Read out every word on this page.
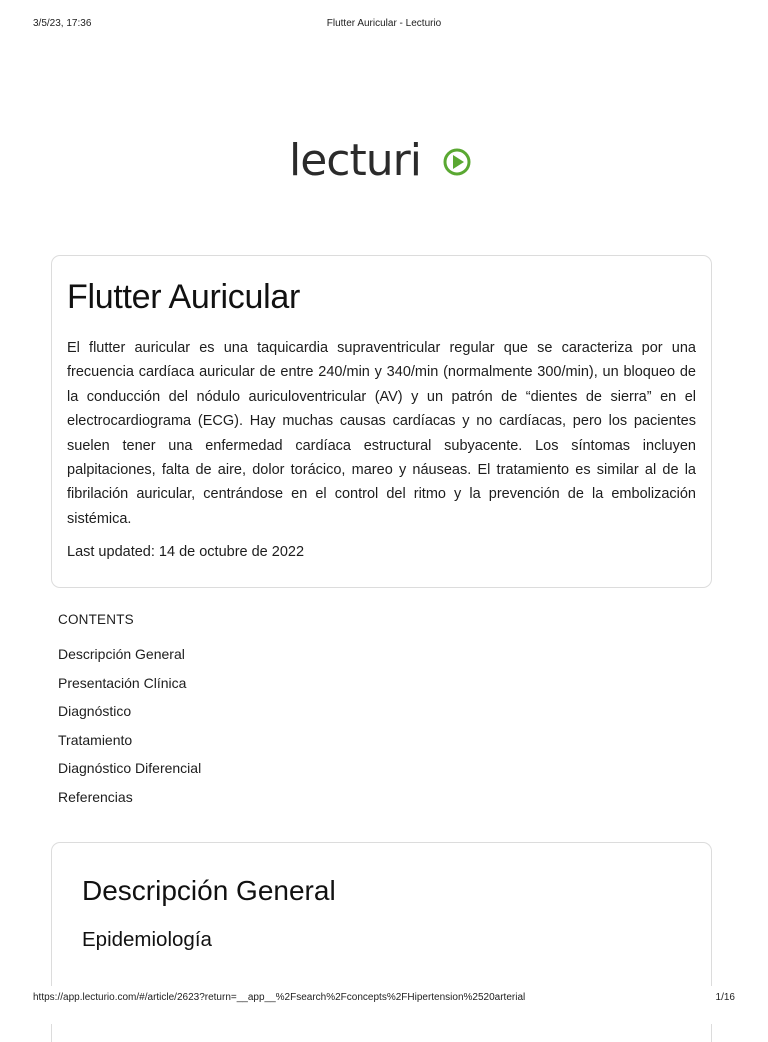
3/5/23, 17:36	Flutter Auricular - Lecturio
lecturi
Flutter Auricular

El flutter auricular es una taquicardia supraventricular regular que se caracteriza por una frecuencia cardíaca auricular de entre 240/min y 340/min (normalmente 300/min), un bloqueo de la conducción del nódulo auriculoventricular (AV) y un patrón de “dientes de sierra” en el electrocardiograma (ECG). Hay muchas causas cardíacas y no cardíacas, pero los pacientes suelen tener una enfermedad cardíaca estructural subyacente. Los síntomas incluyen palpitaciones, falta de aire, dolor torácico, mareo y náuseas. El tratamiento es similar al de la fibrilación auricular, centrándose en el control del ritmo y la prevención de la embolización sistémica.

Last updated: 14 de octubre de 2022

CONTENTS

Descripción General
Presentación Clínica
Diagnóstico
Tratamiento
Diagnóstico Diferencial
Referencias
Descripción General
Epidemiología
https://app.lecturio.com/#/article/2623?return=__app__%2Fsearch%2Fconcepts%2FHipertension%2520arterial	1/16
